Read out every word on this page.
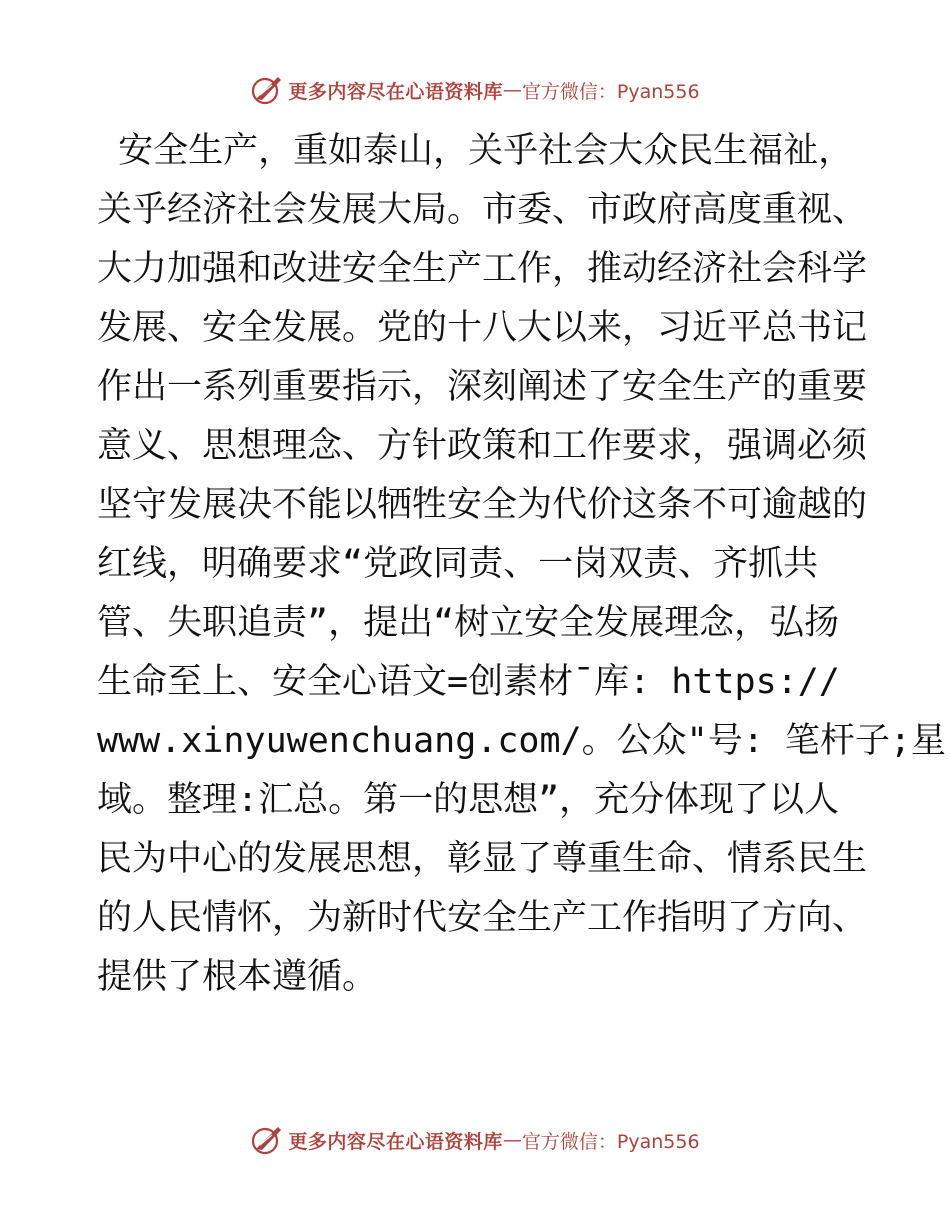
更多内容尽在心语资料库 — 官方微信：Pyan556
安全生产，重如泰山，关乎社会大众民生福祉，
关乎经济社会发展大局。市委、市政府高度重视、
大力加强和改进安全生产工作，推动经济社会科学
发展、安全发展。党的十八大以来，习近平总书记
作出一系列重要指示，深刻阐述了安全生产的重要
意义、思想理念、方针政策和工作要求，强调必须
坚守发展决不能以牺牲安全为代价这条不可逾越的
红线，明确要求“党政同责、一岗双责、齐抓共
管、失职追责”，提出“树立安全发展理念，弘扬
生命至上、安全心语文=创素材¯库: https://
www.xinyuwenchuang.com/。公众"号: 笔杆子;星
域。整理:汇总。第一的思想”，充分体现了以人
民为中心的发展思想，彰显了尊重生命、情系民生
的人民情怀，为新时代安全生产工作指明了方向、
提供了根本遵循。
更多内容尽在心语资料库 — 官方微信：Pyan556
